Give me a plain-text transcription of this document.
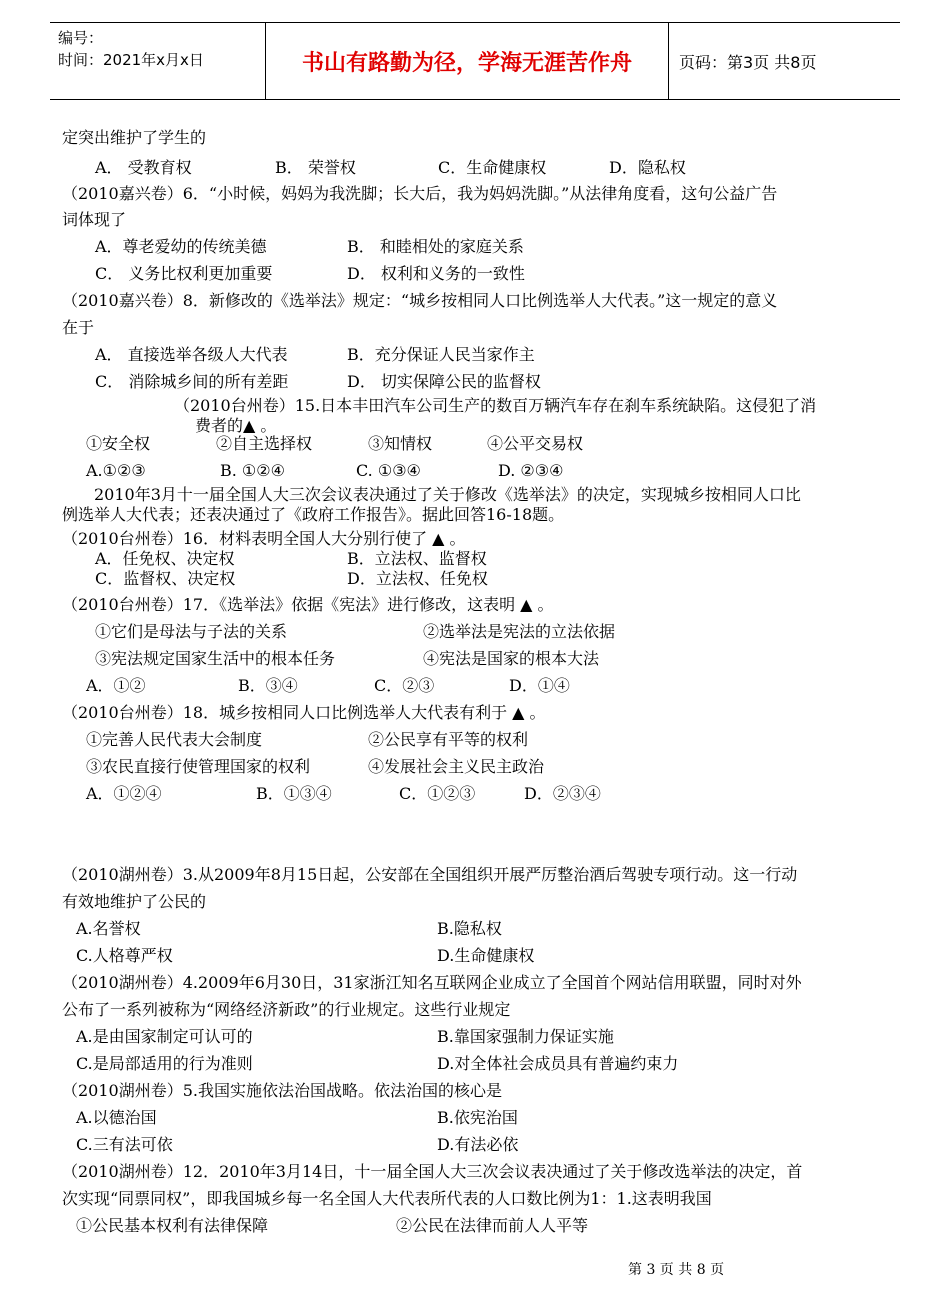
编号：
时间：2021年x月x日	书山有路勤为径，学海无涯苦作舟	页码：第3页 共8页
定突出维护了学生的
A． 受教育权	B． 荣誉权	C．生命健康权	D．隐私权
（2010嘉兴卷）6．“小时候，妈妈为我洗脚；长大后，我为妈妈洗脚。”从法律角度看，这句公益广告
词体现了
A．尊老爱幼的传统美德	B． 和睦相处的家庭关系
C． 义务比权利更加重要	D． 权利和义务的一致性
（2010嘉兴卷）8．新修改的《选举法》规定：“城乡按相同人口比例选举人大代表。”这一规定的意义
在于
A． 直接选举各级人大代表	B．充分保证人民当家作主
C． 消除城乡间的所有差距	D． 切实保障公民的监督权
（2010台州卷）15.日本丰田汽车公司生产的数百万辆汽车存在刹车系统缺陷。这侵犯了消
费者的▲ 。
①安全权	②自主选择权	③知情权	④公平交易权
A.①②③	B. ①②④	C. ①③④	D. ②③④
2010年3月十一届全国人大三次会议表决通过了关于修改《选举法》的决定，实现城乡按相同人口比
例选举人大代表；还表决通过了《政府工作报告》。据此回答16-18题。
（2010台州卷）16．材料表明全国人大分别行使了 ▲ 。
A．任免权、决定权	B．立法权、监督权
C．监督权、决定权	D．立法权、任免权
（2010台州卷）17．《选举法》依据《宪法》进行修改，这表明 ▲ 。
①它们是母法与子法的关系	②选举法是宪法的立法依据
③宪法规定国家生活中的根本任务	④宪法是国家的根本大法
A．①②	B．③④	C．②③	D．①④
（2010台州卷）18．城乡按相同人口比例选举人大代表有利于 ▲ 。
①完善人民代表大会制度	②公民享有平等的权利
③农民直接行使管理国家的权利	④发展社会主义民主政治
A．①②④	B．①③④	C．①②③	D．②③④
（2010湖州卷）3.从2009年8月15日起，公安部在全国组织开展严厉整治酒后驾驶专项行动。这一行动
有效地维护了公民的
A.名誉权	B.隐私权
C.人格尊严权	D.生命健康权
（2010湖州卷）4.2009年6月30日，31家浙江知名互联网企业成立了全国首个网站信用联盟，同时对外
公布了一系列被称为“网络经济新政”的行业规定。这些行业规定
A.是由国家制定可认可的	B.靠国家强制力保证实施
C.是局部适用的行为准则	D.对全体社会成员具有普遍约束力
（2010湖州卷）5.我国实施依法治国战略。依法治国的核心是
A.以德治国	B.依宪治国
C.三有法可依	D.有法必依
（2010湖州卷）12．2010年3月14日，十一届全国人大三次会议表决通过了关于修改选举法的决定，首
次实现“同票同权”，即我国城乡每一名全国人大代表所代表的人口数比例为1：1.这表明我国
①公民基本权利有法律保障	②公民在法律而前人人平等
第 3 页 共 8 页
